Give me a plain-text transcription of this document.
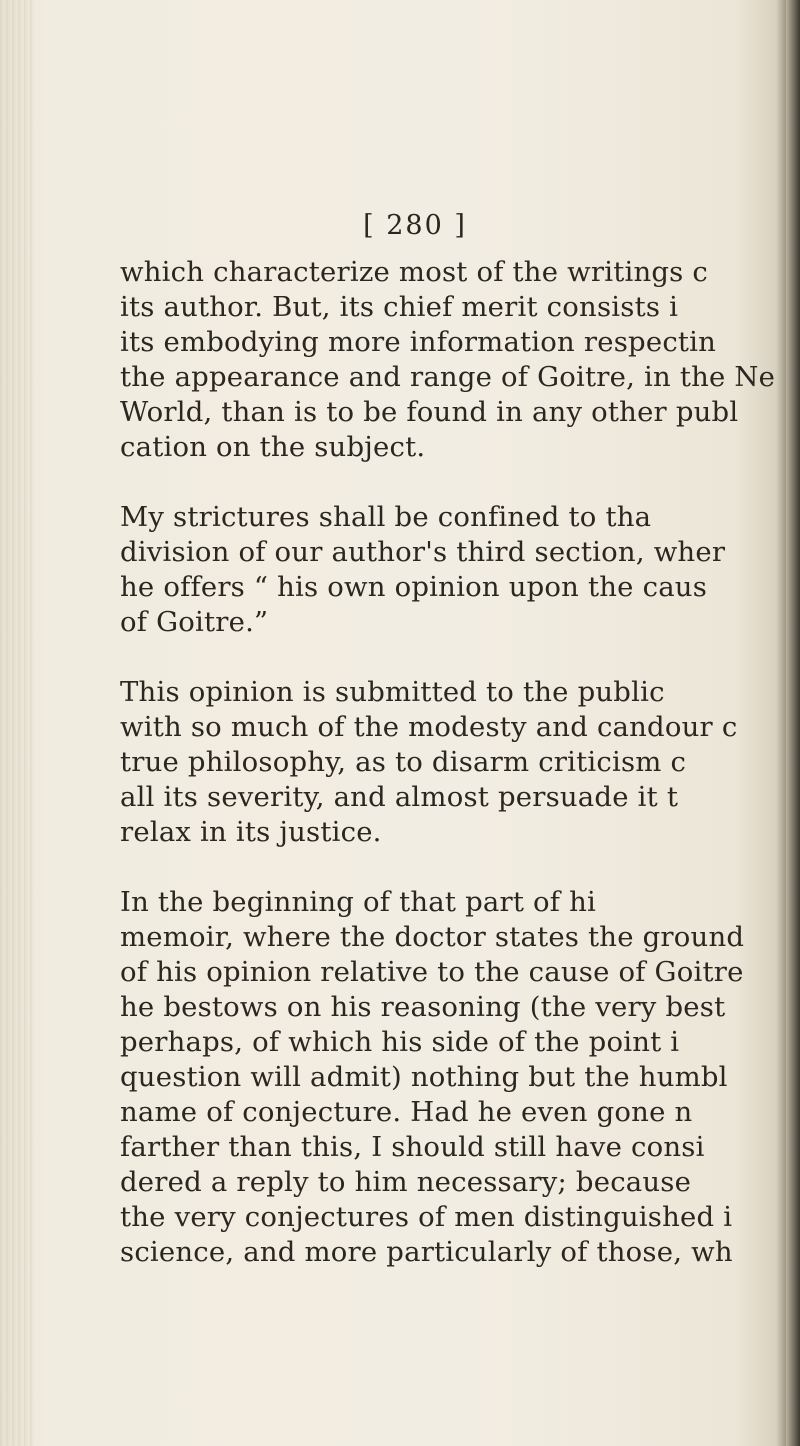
[ 280 ]

which characterize most of the writings c
its author. But, its chief merit consists i
its embodying more information respectin
the appearance and range of Goitre, in the Ne
World, than is to be found in any other publ
cation on the subject.

My strictures shall be confined to tha
division of our author's third section, wher
he offers “ his own opinion upon the caus
of Goitre.”

This opinion is submitted to the public
with so much of the modesty and candour c
true philosophy, as to disarm criticism c
all its severity, and almost persuade it t
relax in its justice.

In the beginning of that part of hi
memoir, where the doctor states the ground
of his opinion relative to the cause of Goitre
he bestows on his reasoning (the very best
perhaps, of which his side of the point i
question will admit) nothing but the humbl
name of conjecture. Had he even gone n
farther than this, I should still have consi
dered a reply to him necessary; because
the very conjectures of men distinguished i
science, and more particularly of those, wh
